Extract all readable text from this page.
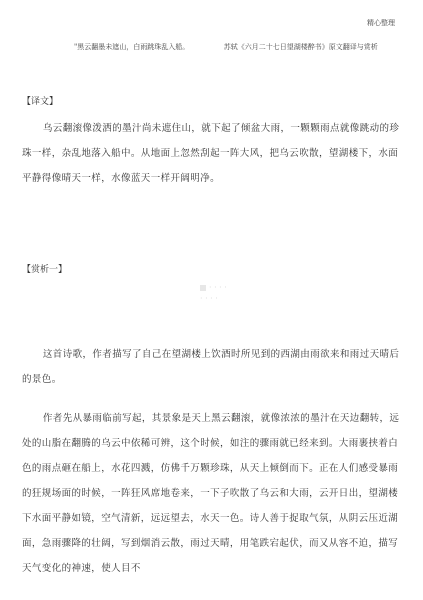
精心整理
"黑云翻墨未遮山，白雨跳珠乱入船。	苏轼《六月二十七日望湖楼醉书》原文翻译与赏析
【译文】

乌云翻滚像泼洒的墨汁尚未遮住山，就下起了倾盆大雨，一颗颗雨点就像跳动的珍珠一样，杂乱地落入船中。从地面上忽然刮起一阵大风，把乌云吹散，望湖楼下，水面平静得像晴天一样，水像蓝天一样开阔明净。

【赏析一】
· · · ·
· · · ·

这首诗歌，作者描写了自己在望湖楼上饮酒时所见到的西湖由雨欲来和雨过天晴后的景色。

作者先从暴雨临前写起，其景象是天上黑云翻滚，就像浓浓的墨汁在天边翻转，远处的山脂在翻腾的乌云中依稀可辨，这个时候，如注的骤雨就已经来到。大雨裹挟着白色的雨点砸在船上，水花四溅，仿佛千万颗珍珠，从天上倾倒而下。正在人们感受暴雨的狂规场面的时候，一阵狂风席地卷来，一下子吹散了乌云和大雨，云开日出，望湖楼下水面平静如镜，空气清新，远远望去，水天一色。诗人善于捉取气氛，从阴云压近湖面，急雨骤降的壮阔，写到烟消云散，雨过天晴，用笔跌宕起伏，而又从容不迫，描写天气变化的神速，使人目不
